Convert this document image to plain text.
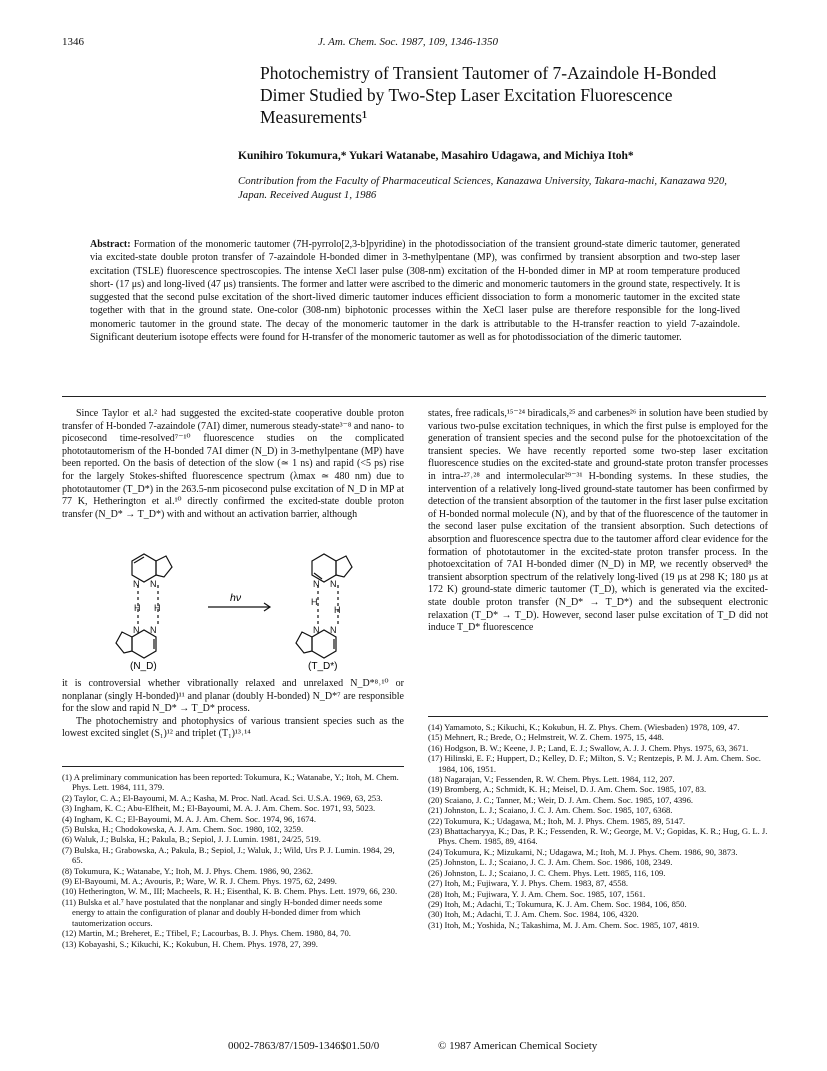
1346	J. Am. Chem. Soc. 1987, 109, 1346-1350
Photochemistry of Transient Tautomer of 7-Azaindole H-Bonded Dimer Studied by Two-Step Laser Excitation Fluorescence Measurements¹
Kunihiro Tokumura,* Yukari Watanabe, Masahiro Udagawa, and Michiya Itoh*
Contribution from the Faculty of Pharmaceutical Sciences, Kanazawa University, Takara-machi, Kanazawa 920, Japan. Received August 1, 1986
Abstract: Formation of the monomeric tautomer (7H-pyrrolo[2,3-b]pyridine) in the photodissociation of the transient ground-state dimeric tautomer, generated via excited-state double proton transfer of 7-azaindole H-bonded dimer in 3-methylpentane (MP), was confirmed by transient absorption and two-step laser excitation (TSLE) fluorescence spectroscopies. The intense XeCl laser pulse (308-nm) excitation of the H-bonded dimer in MP at room temperature produced short- (17 μs) and long-lived (47 μs) transients. The former and latter were ascribed to the dimeric and monomeric tautomers in the ground state, respectively. It is suggested that the second pulse excitation of the short-lived dimeric tautomer induces efficient dissociation to form a monomeric tautomer in the excited state together with that in the ground state. One-color (308-nm) biphotonic processes within the XeCl laser pulse are therefore responsible for the long-lived monomeric tautomer in the ground state. The decay of the monomeric tautomer in the dark is attributable to the H-transfer reaction to yield 7-azaindole. Significant deuterium isotope effects were found for H-transfer of the monomeric tautomer as well as for photodissociation of the dimeric tautomer.

Since Taylor et al.² had suggested the excited-state cooperative double proton transfer of H-bonded 7-azaindole (7AI) dimer, numerous steady-state³⁻⁸ and nano- to picosecond time-resolved⁷⁻¹⁰ fluorescence studies on the complicated phototautomerism of the H-bonded 7AI dimer (N_D) in 3-methylpentane (MP) have been reported. On the basis of detection of the slow (≃ 1 ns) and rapid (<5 ps) rise for the largely Stokes-shifted fluorescence spectrum (λmax ≃ 480 nm) due to phototautomer (T_D*) in the 263.5-nm picosecond pulse excitation of N_D in MP at 77 K, Hetherington et al.¹⁰ directly confirmed the excited-state double proton transfer (N_D* → T_D*) with and without an activation barrier, although

N N
H H
N N
N N
H
H
N N
hν
(N_D)	(T_D*)

it is controversial whether vibrationally relaxed and unrelaxed N_D*⁸˒¹⁰ or nonplanar (singly H-bonded)¹¹ and planar (doubly H-bonded) N_D*⁷ are responsible for the slow and rapid N_D* → T_D* process.

The photochemistry and photophysics of various transient species such as the lowest excited singlet (S₁)¹² and triplet (T₁)¹³˒¹⁴

(1) A preliminary communication has been reported: Tokumura, K.; Watanabe, Y.; Itoh, M. Chem. Phys. Lett. 1984, 111, 379.
(2) Taylor, C. A.; El-Bayoumi, M. A.; Kasha, M. Proc. Natl. Acad. Sci. U.S.A. 1969, 63, 253.
(3) Ingham, K. C.; Abu-Elfheit, M.; El-Bayoumi, M. A. J. Am. Chem. Soc. 1971, 93, 5023.
(4) Ingham, K. C.; El-Bayoumi, M. A. J. Am. Chem. Soc. 1974, 96, 1674.
(5) Bulska, H.; Chodokowska, A. J. Am. Chem. Soc. 1980, 102, 3259.
(6) Waluk, J.; Bulska, H.; Pakula, B.; Sepiol, J. J. Lumin. 1981, 24/25, 519.
(7) Bulska, H.; Grabowska, A.; Pakula, B.; Sepiol, J.; Waluk, J.; Wild, Urs P. J. Lumin. 1984, 29, 65.
(8) Tokumura, K.; Watanabe, Y.; Itoh, M. J. Phys. Chem. 1986, 90, 2362.
(9) El-Bayoumi, M. A.; Avouris, P.; Ware, W. R. J. Chem. Phys. 1975, 62, 2499.
(10) Hetherington, W. M., III; Macheels, R. H.; Eisenthal, K. B. Chem. Phys. Lett. 1979, 66, 230.
(11) Bulska et al.⁷ have postulated that the nonplanar and singly H-bonded dimer needs some energy to attain the configuration of planar and doubly H-bonded dimer from which tautomerization occurs.
(12) Martin, M.; Breheret, E.; Tfibel, F.; Lacourbas, B. J. Phys. Chem. 1980, 84, 70.
(13) Kobayashi, S.; Kikuchi, K.; Kokubun, H. Chem. Phys. 1978, 27, 399.

states, free radicals,¹⁵⁻²⁴ biradicals,²⁵ and carbenes²⁶ in solution have been studied by various two-pulse excitation techniques, in which the first pulse is employed for the generation of transient species and the second pulse for the photoexcitation of the transient species. We have recently reported some two-step laser excitation fluorescence studies on the excited-state and ground-state proton transfer processes in intra-²⁷˒²⁸ and intermolecular²⁹⁻³¹ H-bonding systems. In these studies, the intervention of a relatively long-lived ground-state tautomer has been confirmed by detection of the transient absorption of the tautomer in the first laser pulse excitation of H-bonded normal molecule (N), and by that of the fluorescence of the tautomer in the second laser pulse excitation of the transient absorption. Such detections of absorption and fluorescence spectra due to the tautomer afford clear evidence for the formation of phototautomer in the excited-state proton transfer process. In the photoexcitation of 7AI H-bonded dimer (N_D) in MP, we recently observed⁸ the transient absorption spectrum of the relatively long-lived (19 μs at 298 K; 180 μs at 172 K) ground-state dimeric tautomer (T_D), which is generated via the excited-state double proton transfer (N_D* → T_D*) and the subsequent electronic relaxation (T_D* → T_D). However, second laser pulse excitation of T_D did not induce T_D* fluorescence

(14) Yamamoto, S.; Kikuchi, K.; Kokubun, H. Z. Phys. Chem. (Wiesbaden) 1978, 109, 47.
(15) Mehnert, R.; Brede, O.; Helmstreit, W. Z. Chem. 1975, 15, 448.
(16) Hodgson, B. W.; Keene, J. P.; Land, E. J.; Swallow, A. J. J. Chem. Phys. 1975, 63, 3671.
(17) Hilinski, E. F.; Huppert, D.; Kelley, D. F.; Milton, S. V.; Rentzepis, P. M. J. Am. Chem. Soc. 1984, 106, 1951.
(18) Nagarajan, V.; Fessenden, R. W. Chem. Phys. Lett. 1984, 112, 207.
(19) Bromberg, A.; Schmidt, K. H.; Meisel, D. J. Am. Chem. Soc. 1985, 107, 83.
(20) Scaiano, J. C.; Tanner, M.; Weir, D. J. Am. Chem. Soc. 1985, 107, 4396.
(21) Johnston, L. J.; Scaiano, J. C. J. Am. Chem. Soc. 1985, 107, 6368.
(22) Tokumura, K.; Udagawa, M.; Itoh, M. J. Phys. Chem. 1985, 89, 5147.
(23) Bhattacharyya, K.; Das, P. K.; Fessenden, R. W.; George, M. V.; Gopidas, K. R.; Hug, G. L. J. Phys. Chem. 1985, 89, 4164.
(24) Tokumura, K.; Mizukami, N.; Udagawa, M.; Itoh, M. J. Phys. Chem. 1986, 90, 3873.
(25) Johnston, L. J.; Scaiano, J. C. J. Am. Chem. Soc. 1986, 108, 2349.
(26) Johnston, L. J.; Scaiano, J. C. Chem. Phys. Lett. 1985, 116, 109.
(27) Itoh, M.; Fujiwara, Y. J. Phys. Chem. 1983, 87, 4558.
(28) Itoh, M.; Fujiwara, Y. J. Am. Chem. Soc. 1985, 107, 1561.
(29) Itoh, M.; Adachi, T.; Tokumura, K. J. Am. Chem. Soc. 1984, 106, 850.
(30) Itoh, M.; Adachi, T. J. Am. Chem. Soc. 1984, 106, 4320.
(31) Itoh, M.; Yoshida, N.; Takashima, M. J. Am. Chem. Soc. 1985, 107, 4819.
0002-7863/87/1509-1346$01.50/0	© 1987 American Chemical Society
